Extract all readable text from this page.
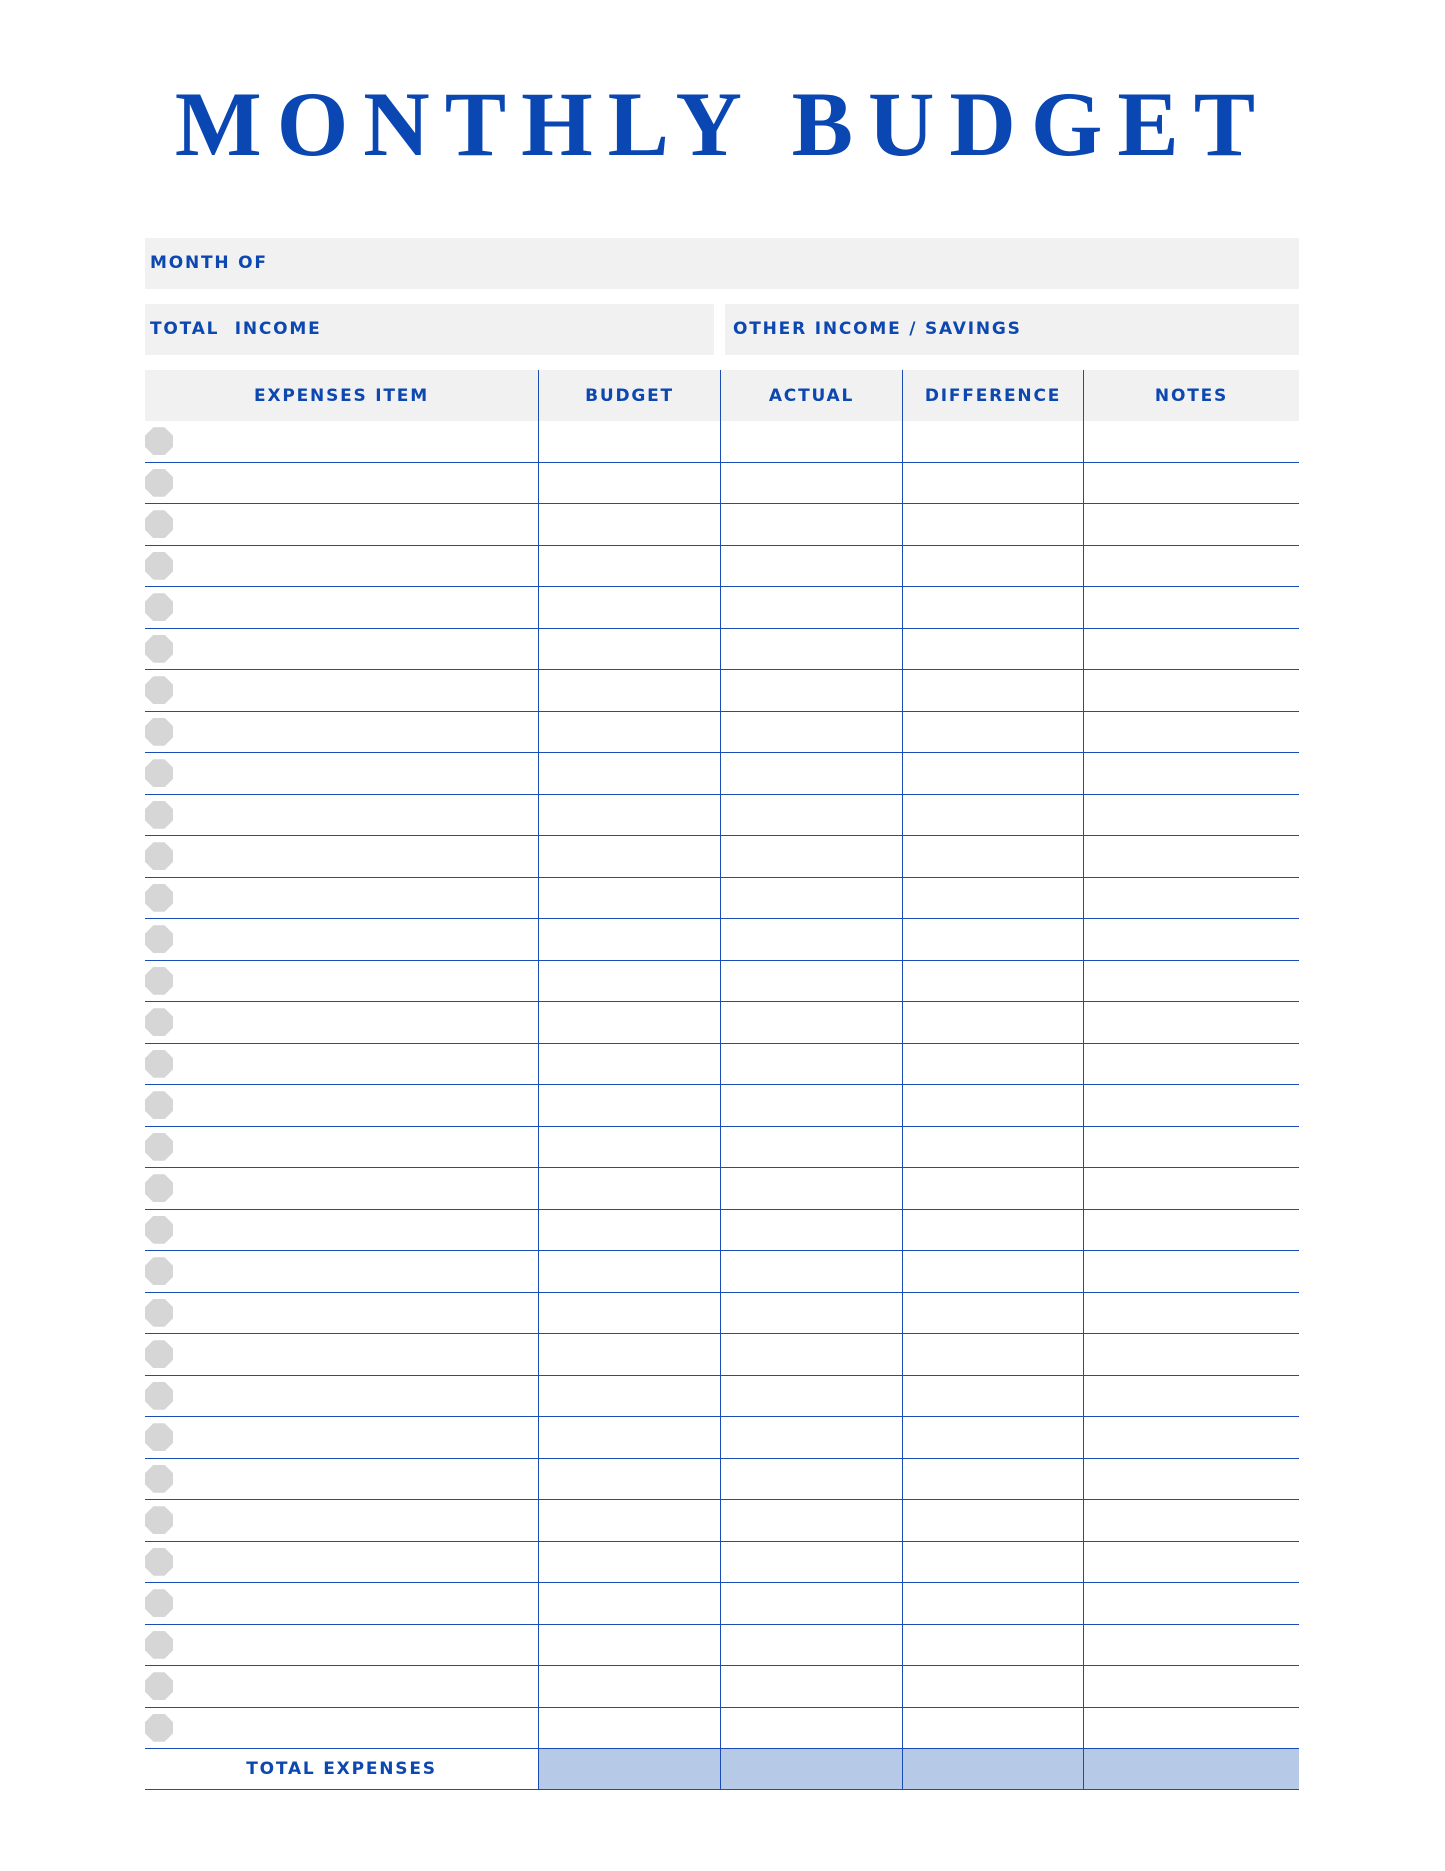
MONTHLY BUDGET
MONTH OF
TOTAL  INCOME	OTHER INCOME / SAVINGS
EXPENSES ITEM	BUDGET	ACTUAL	DIFFERENCE	NOTES
TOTAL EXPENSES
